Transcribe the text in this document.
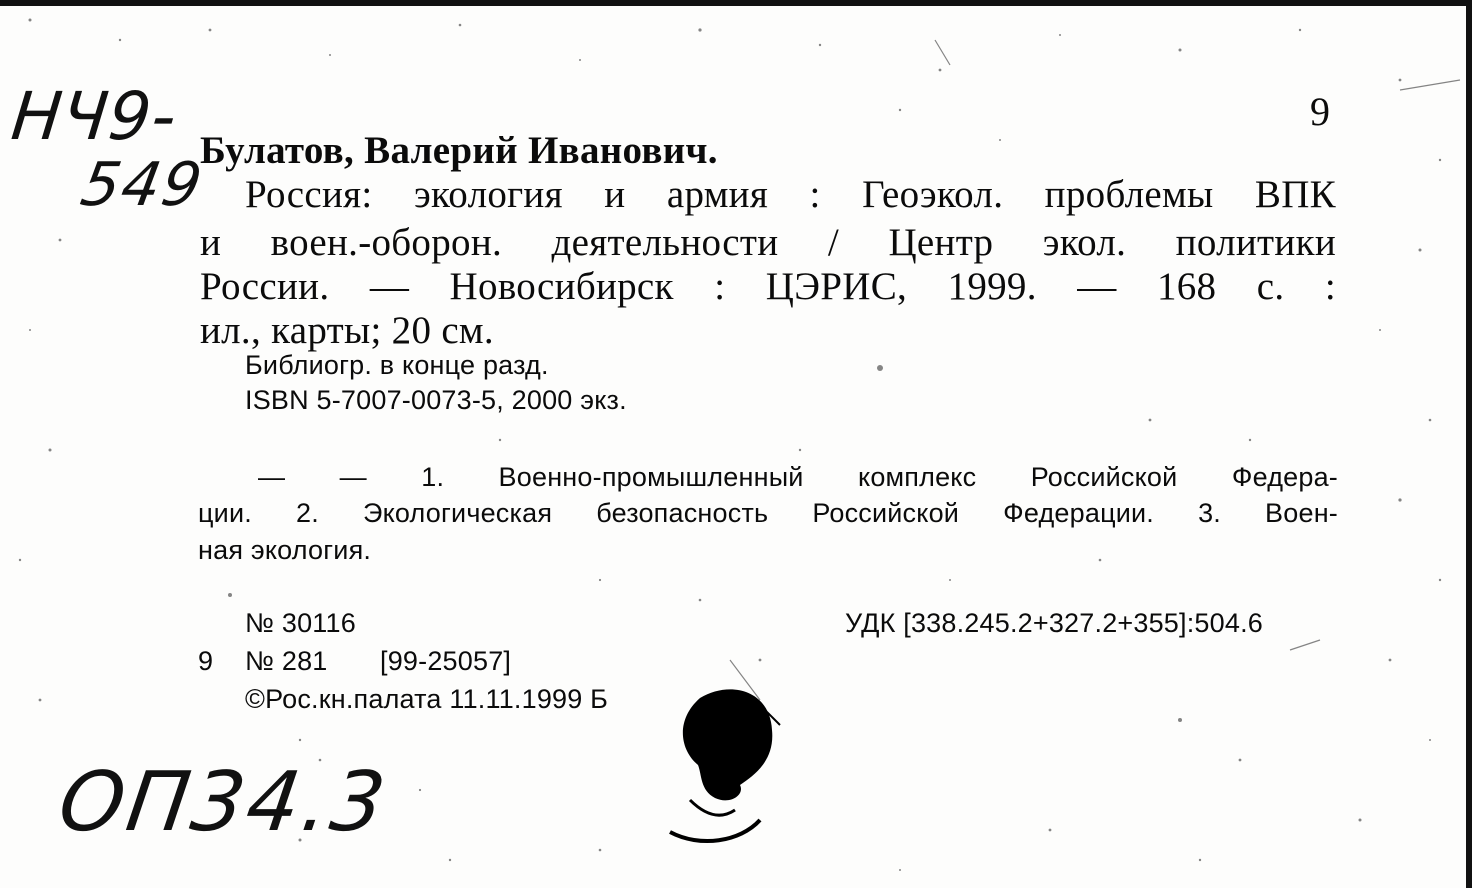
НЧ9-
549
ОП34.3
9
Булатов, Валерий Иванович.
Россия: экология и армия : Геоэкол. проблемы ВПК
и воен.-оборон. деятельности / Центр экол. политики
России. — Новосибирск : ЦЭРИС, 1999. — 168 с. :
ил., карты; 20 см.
Библиогр. в конце разд.
ISBN 5-7007-0073-5, 2000 экз.
— — 1. Военно-промышленный комплекс Российской Федера-
ции. 2. Экологическая безопасность Российской Федерации. 3. Воен-
ная экология.
№ 30116	УДК [338.245.2+327.2+355]:504.6
9 № 281 [99-25057]
©Рос.кн.палата 11.11.1999 Б
